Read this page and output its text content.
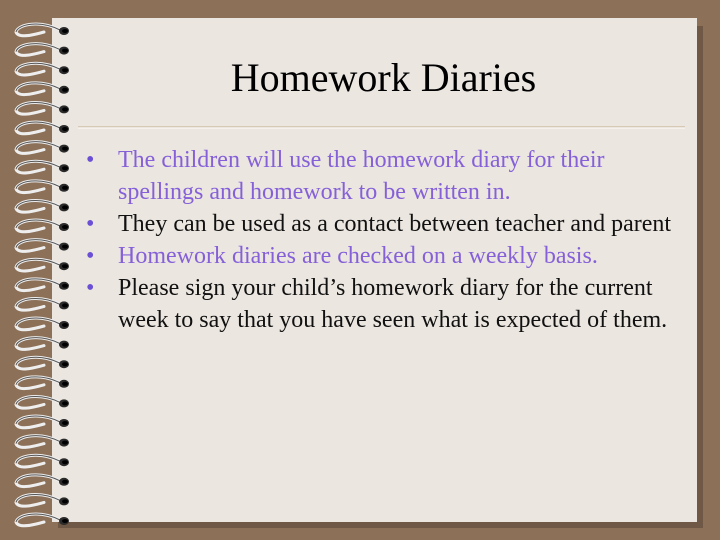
Homework Diaries
• The children will use the homework diary for their spellings and homework to be written in.
• They can be used as a contact between teacher and parent
• Homework diaries are checked on a weekly basis.
• Please sign your child’s homework diary for the current week to say that you have seen what is expected of them.
